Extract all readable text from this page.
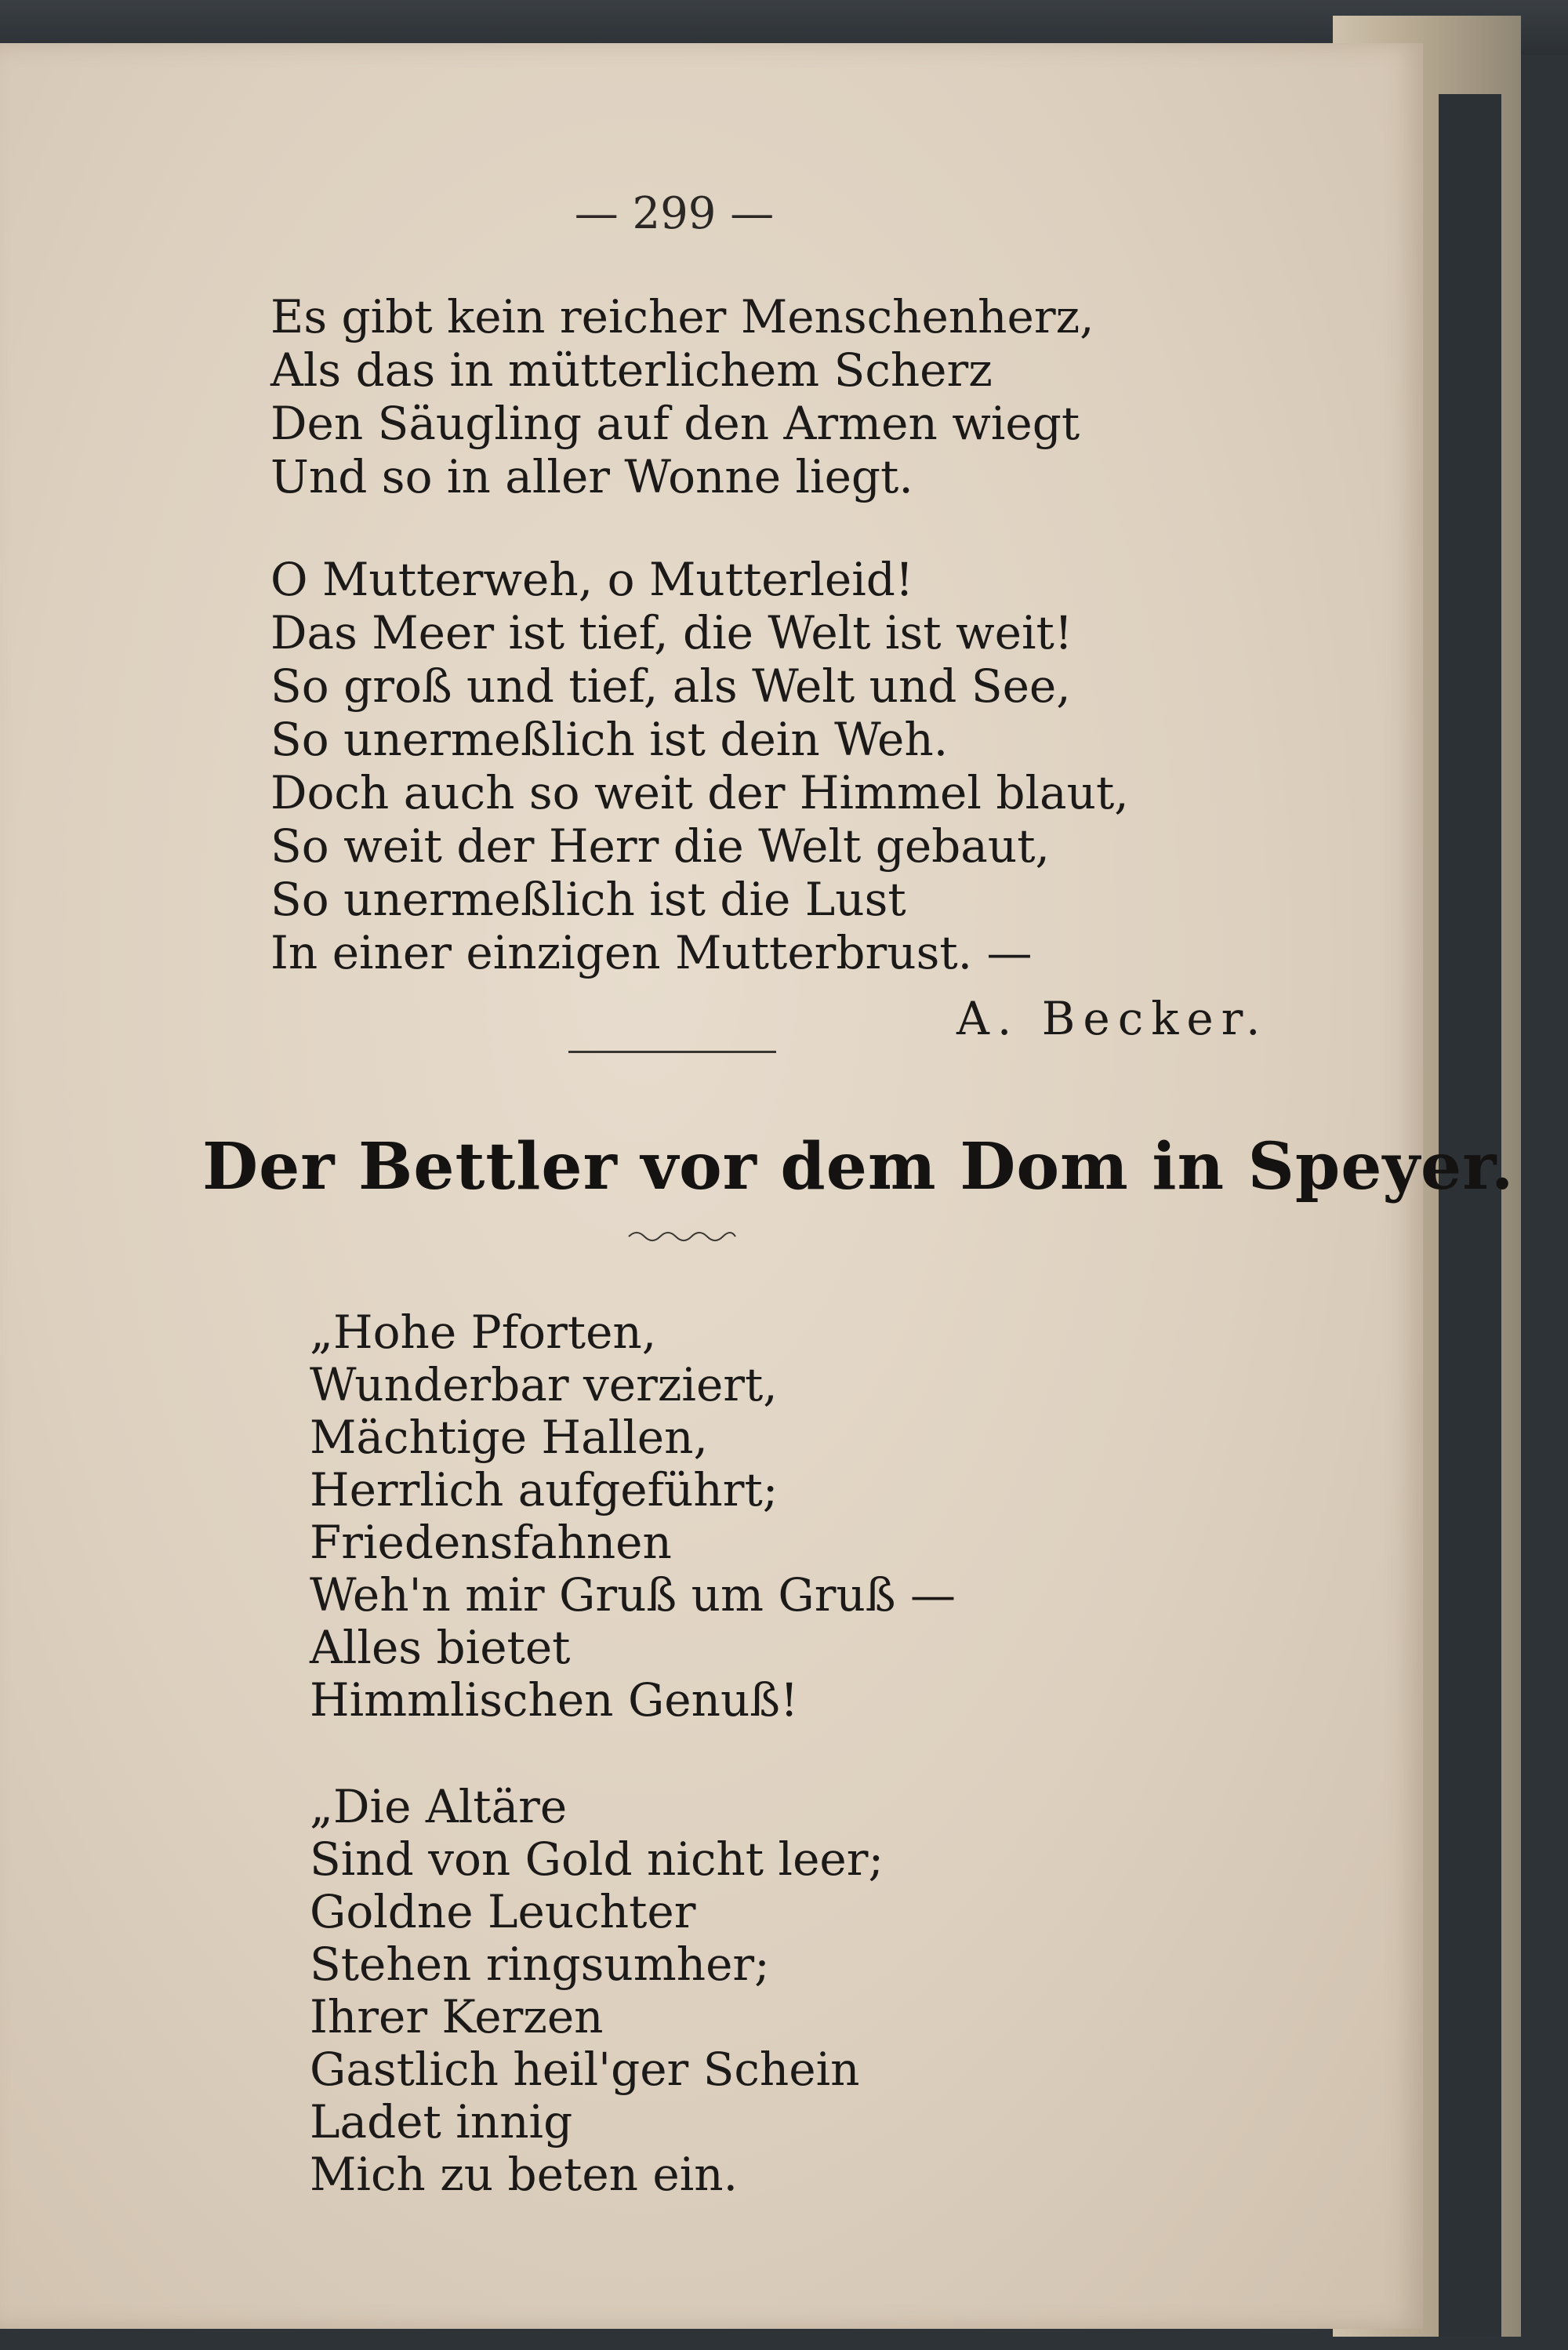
— 299 —
Es gibt kein reicher Menschenherz,
Als das in mütterlichem Scherz
Den Säugling auf den Armen wiegt
Und so in aller Wonne liegt.
O Mutterweh, o Mutterleid!
Das Meer ist tief, die Welt ist weit!
So groß und tief, als Welt und See,
So unermeßlich ist dein Weh.
Doch auch so weit der Himmel blaut,
So weit der Herr die Welt gebaut,
So unermeßlich ist die Lust
In einer einzigen Mutterbrust. —
A. Becker.
Der Bettler vor dem Dom in Speyer.
„Hohe Pforten,
Wunderbar verziert,
Mächtige Hallen,
Herrlich aufgeführt;
Friedensfahnen
Weh'n mir Gruß um Gruß —
Alles bietet
Himmlischen Genuß!
„Die Altäre
Sind von Gold nicht leer;
Goldne Leuchter
Stehen ringsumher;
Ihrer Kerzen
Gastlich heil'ger Schein
Ladet innig
Mich zu beten ein.
